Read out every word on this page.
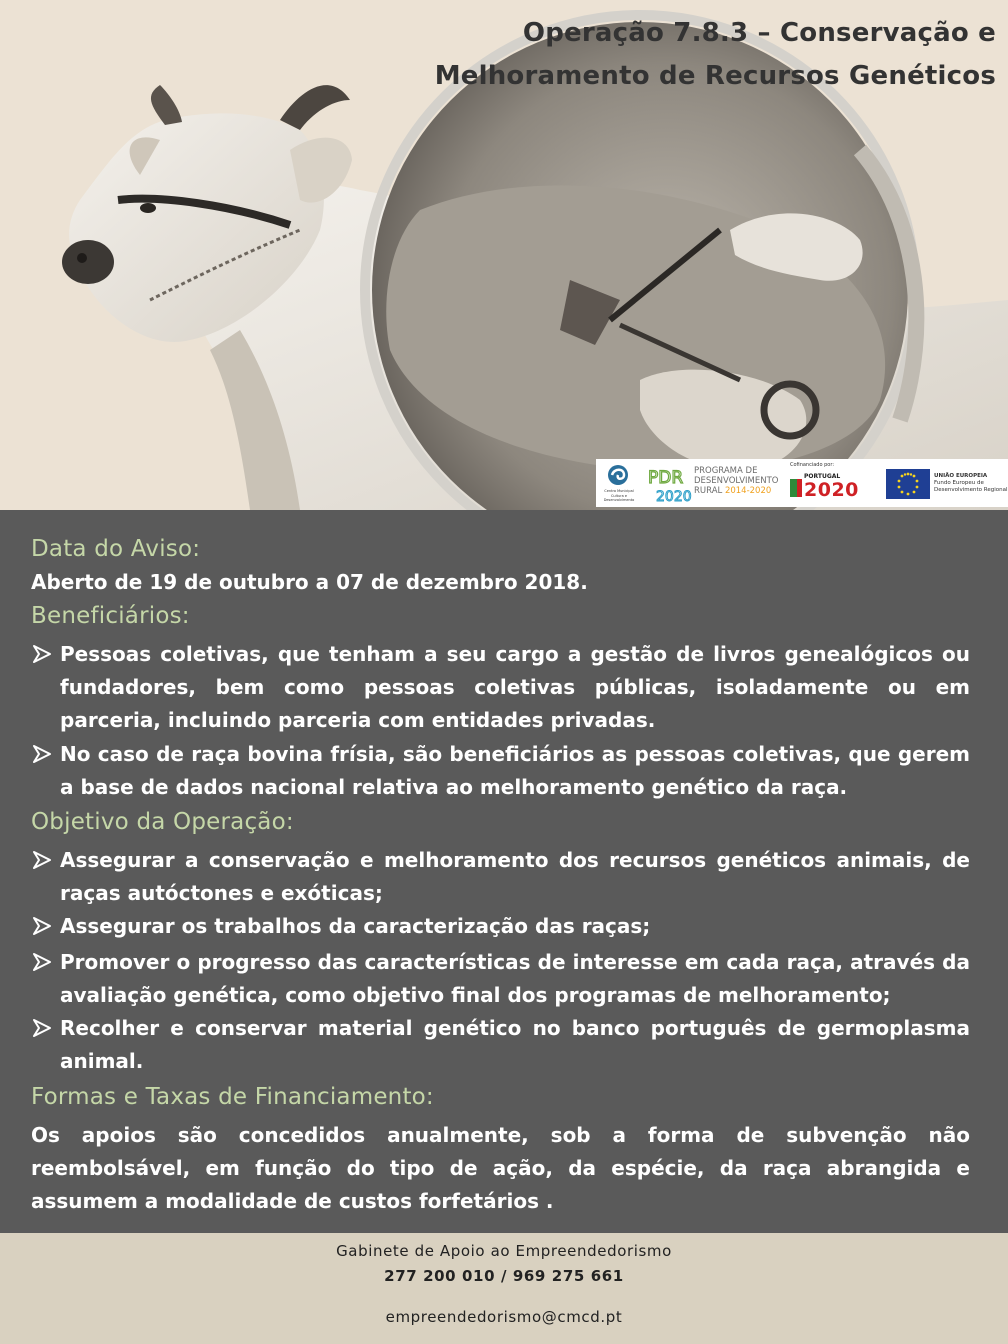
Operação 7.8.3 – Conservação e
Melhoramento de Recursos Genéticos
Centro Municipal Cultura e Desenvolvimento
PDR
2020
PROGRAMA DE
DESENVOLVIMENTO
RURAL 2014-2020
Cofinanciado por:
PORTUGAL
2020
UNIÃO EUROPEIA
Fundo Europeu de Desenvolvimento Regional
Data do Aviso:
Aberto de 19 de outubro a 07 de dezembro 2018.
Beneficiários:
Pessoas coletivas, que tenham a seu cargo a gestão de livros genealógicos ou fundadores, bem como pessoas coletivas públicas, isoladamente ou em parceria, incluindo parceria com entidades privadas.
No caso de raça bovina frísia, são beneficiários as pessoas coletivas, que gerem a base de dados nacional relativa ao melhoramento genético da raça.
Objetivo da Operação:
Assegurar a conservação e melhoramento dos recursos genéticos animais, de raças autóctones e exóticas;
Assegurar os trabalhos da caracterização das raças;
Promover o progresso das características de interesse em cada raça, através da avaliação genética, como objetivo final dos programas de melhoramento;
Recolher e conservar material genético no banco português de germoplasma animal.
Formas e Taxas de Financiamento:
Os apoios são concedidos anualmente, sob a forma de subvenção não reembolsável, em função do tipo de ação, da espécie, da raça abrangida e assumem a modalidade de custos forfetários .
Gabinete de Apoio ao Empreendedorismo
277 200 010 / 969 275 661
empreendedorismo@cmcd.pt
